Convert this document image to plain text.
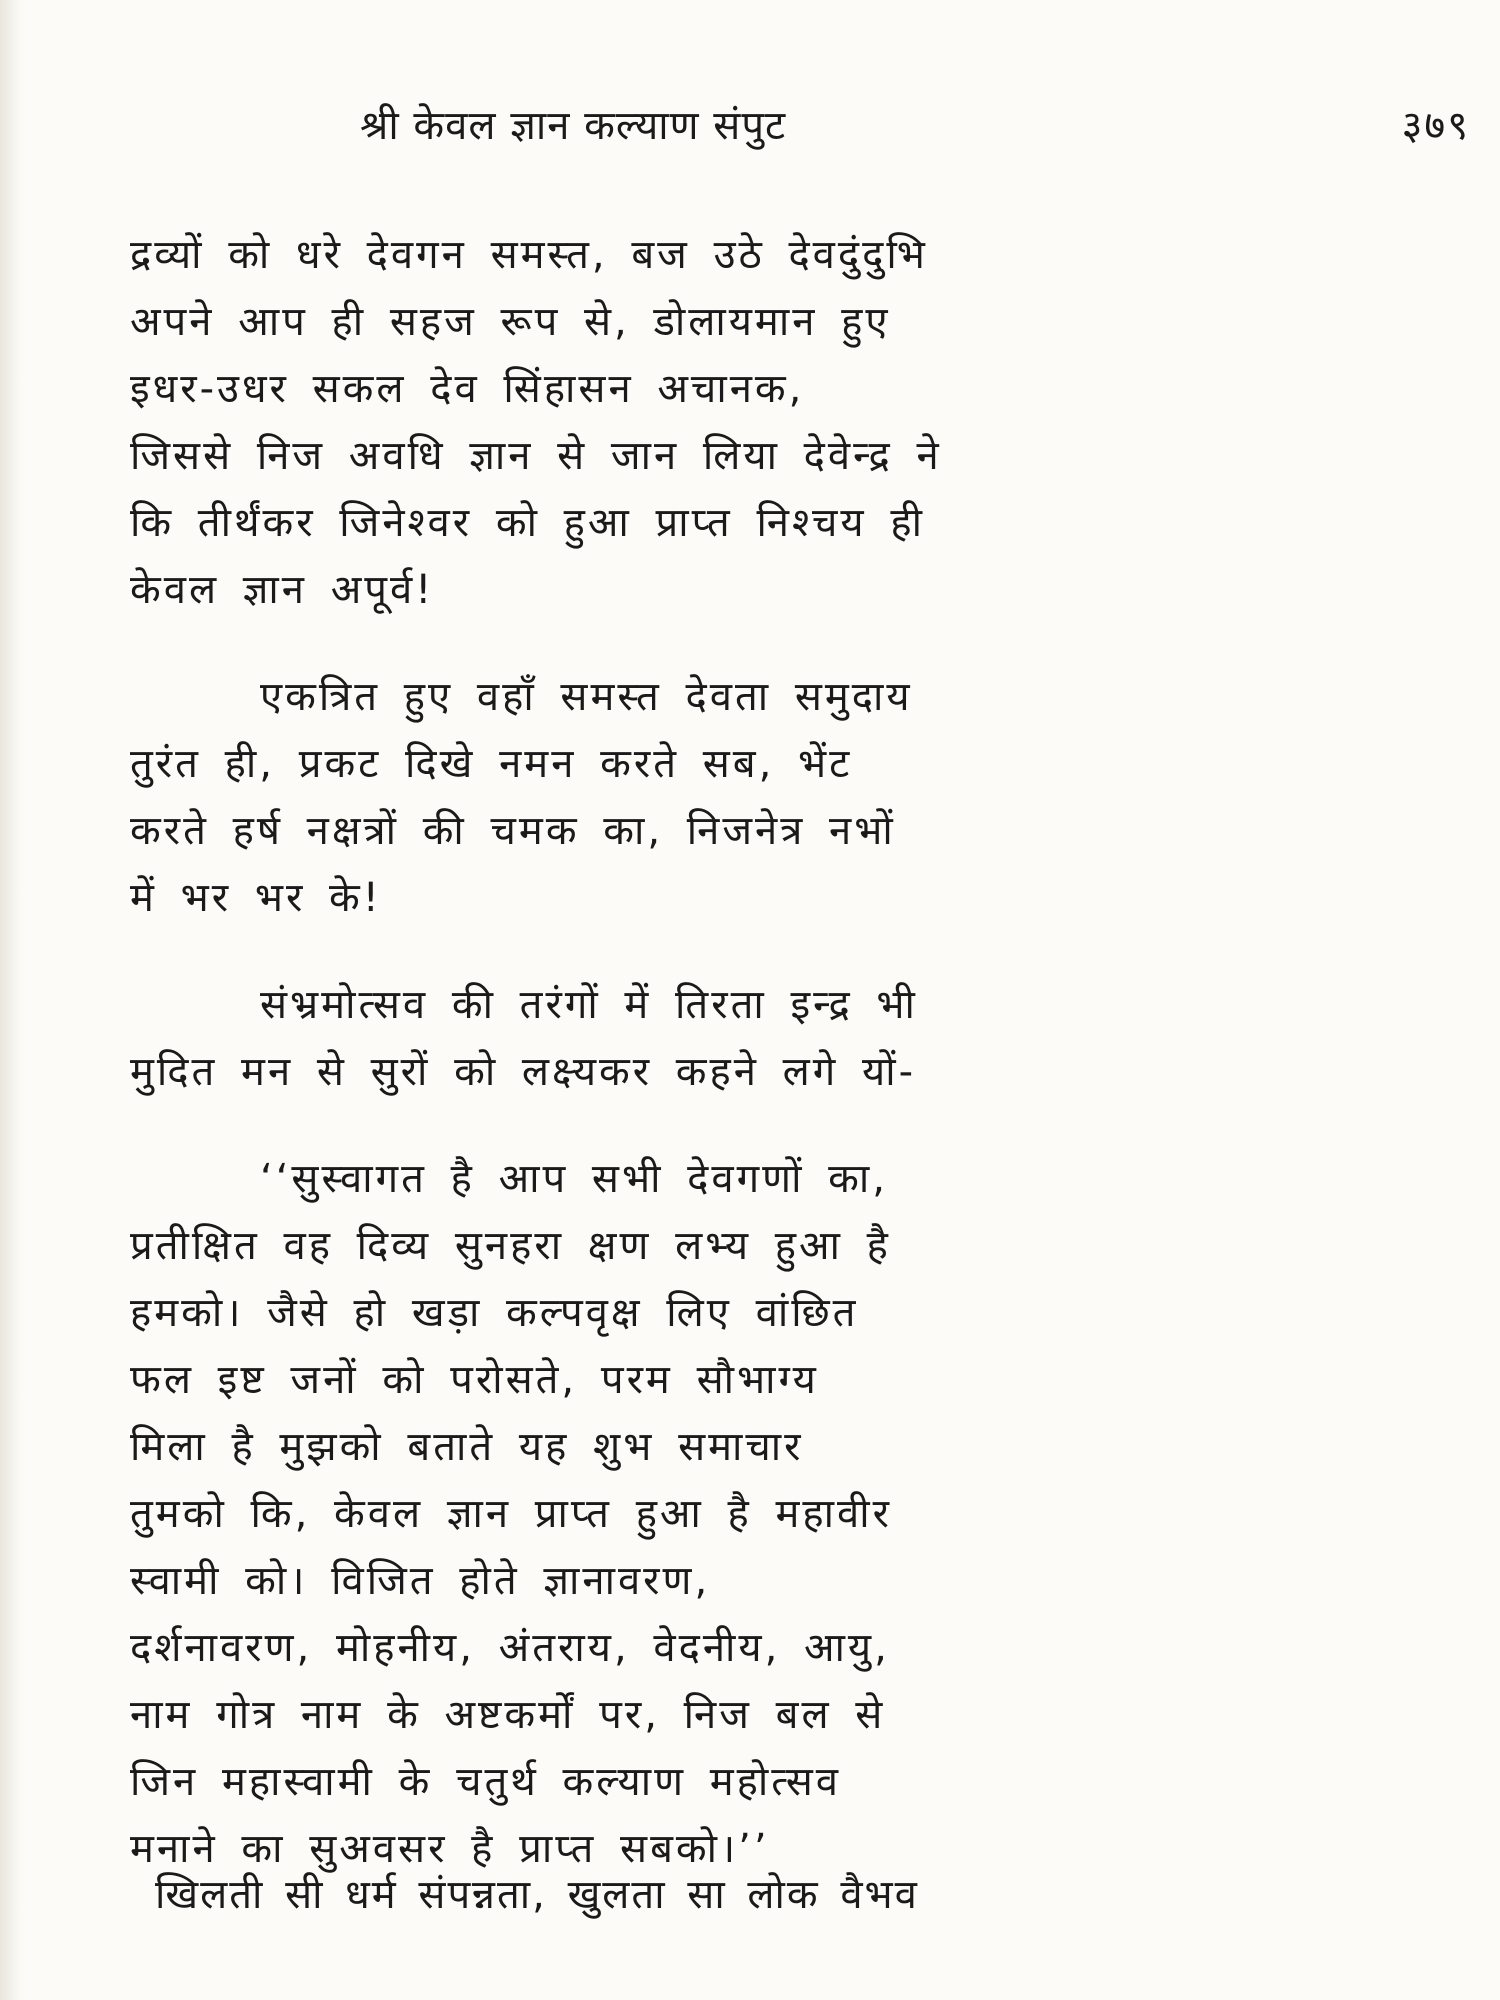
श्री केवल ज्ञान कल्याण संपुट	३७९

द्रव्यों को धरे देवगन समस्त, बज उठे देवदुंदुभि
अपने आप ही सहज रूप से, डोलायमान हुए
इधर-उधर सकल देव सिंहासन अचानक,
जिससे निज अवधि ज्ञान से जान लिया देवेन्द्र ने
कि तीर्थंकर जिनेश्वर को हुआ प्राप्त निश्चय ही
केवल ज्ञान अपूर्व!

एकत्रित हुए वहाँ समस्त देवता समुदाय
तुरंत ही, प्रकट दिखे नमन करते सब, भेंट
करते हर्ष नक्षत्रों की चमक का, निजनेत्र नभों
में भर भर के!

संभ्रमोत्सव की तरंगों में तिरता इन्द्र भी
मुदित मन से सुरों को लक्ष्यकर कहने लगे यों-

‘‘सुस्वागत है आप सभी देवगणों का,
प्रतीक्षित वह दिव्य सुनहरा क्षण लभ्य हुआ है
हमको। जैसे हो खड़ा कल्पवृक्ष लिए वांछित
फल इष्ट जनों को परोसते, परम सौभाग्य
मिला है मुझको बताते यह शुभ समाचार
तुमको कि, केवल ज्ञान प्राप्त हुआ है महावीर
स्वामी को। विजित होते ज्ञानावरण,
दर्शनावरण, मोहनीय, अंतराय, वेदनीय, आयु,
नाम गोत्र नाम के अष्टकर्मों पर, निज बल से
जिन महास्वामी के चतुर्थ कल्याण महोत्सव
मनाने का सुअवसर है प्राप्त सबको।’’

खिलती सी धर्म संपन्नता, खुलता सा लोक वैभव
